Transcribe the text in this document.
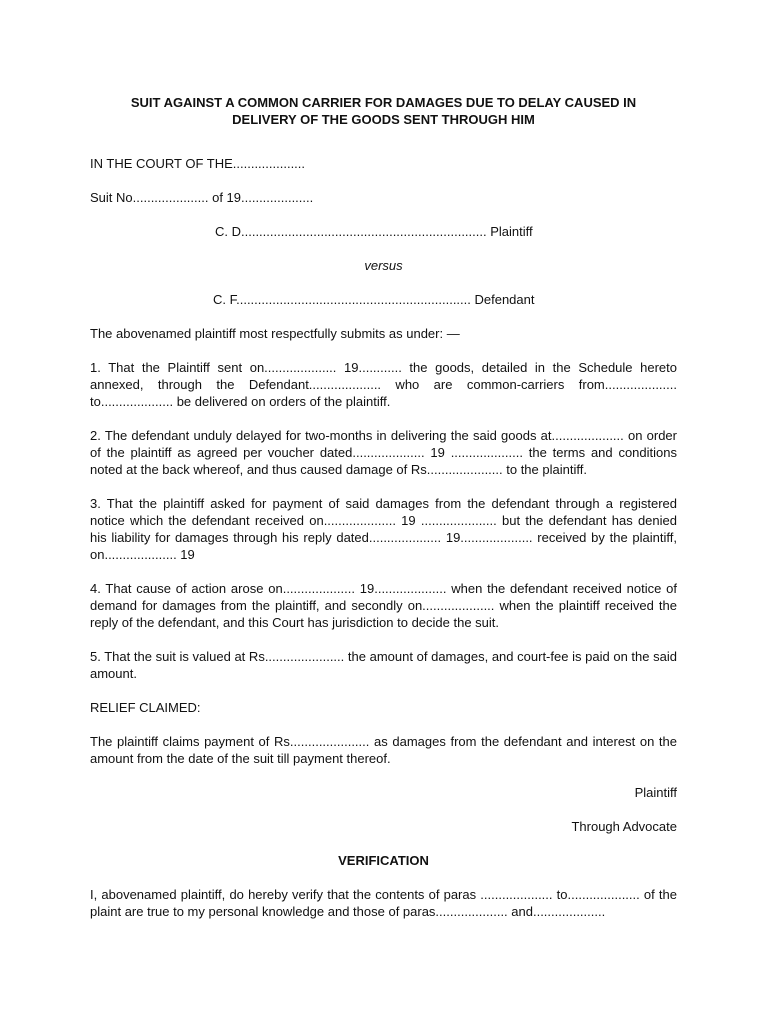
SUIT AGAINST A COMMON CARRIER FOR DAMAGES DUE TO DELAY CAUSED IN
DELIVERY OF THE GOODS SENT THROUGH HIM

IN THE COURT OF THE....................

Suit No..................... of 19....................

C. D.................................................................... Plaintiff

versus

C. F................................................................. Defendant

The abovenamed plaintiff most respectfully submits as under: —

1. That the Plaintiff sent on.................... 19............ the goods, detailed in the Schedule hereto annexed, through the Defendant.................... who are common-carriers from.................... to.................... be delivered on orders of the plaintiff.

2. The defendant unduly delayed for two-months in delivering the said goods at.................... on order of the plaintiff as agreed per voucher dated.................... 19 .................... the terms and conditions noted at the back whereof, and thus caused damage of Rs..................... to the plaintiff.

3. That the plaintiff asked for payment of said damages from the defendant through a registered notice which the defendant received on.................... 19 ..................... but the defendant has denied his liability for damages through his reply dated.................... 19.................... received by the plaintiff, on.................... 19

4. That cause of action arose on.................... 19.................... when the defendant received notice of demand for damages from the plaintiff, and secondly on.................... when the plaintiff received the reply of the defendant, and this Court has jurisdiction to decide the suit.

5. That the suit is valued at Rs...................... the amount of damages, and court-fee is paid on the said amount.

RELIEF CLAIMED:

The plaintiff claims payment of Rs...................... as damages from the defendant and interest on the amount from the date of the suit till payment thereof.

Plaintiff

Through Advocate

VERIFICATION

I, abovenamed plaintiff, do hereby verify that the contents of paras .................... to.................... of the plaint are true to my personal knowledge and those of paras.................... and....................
